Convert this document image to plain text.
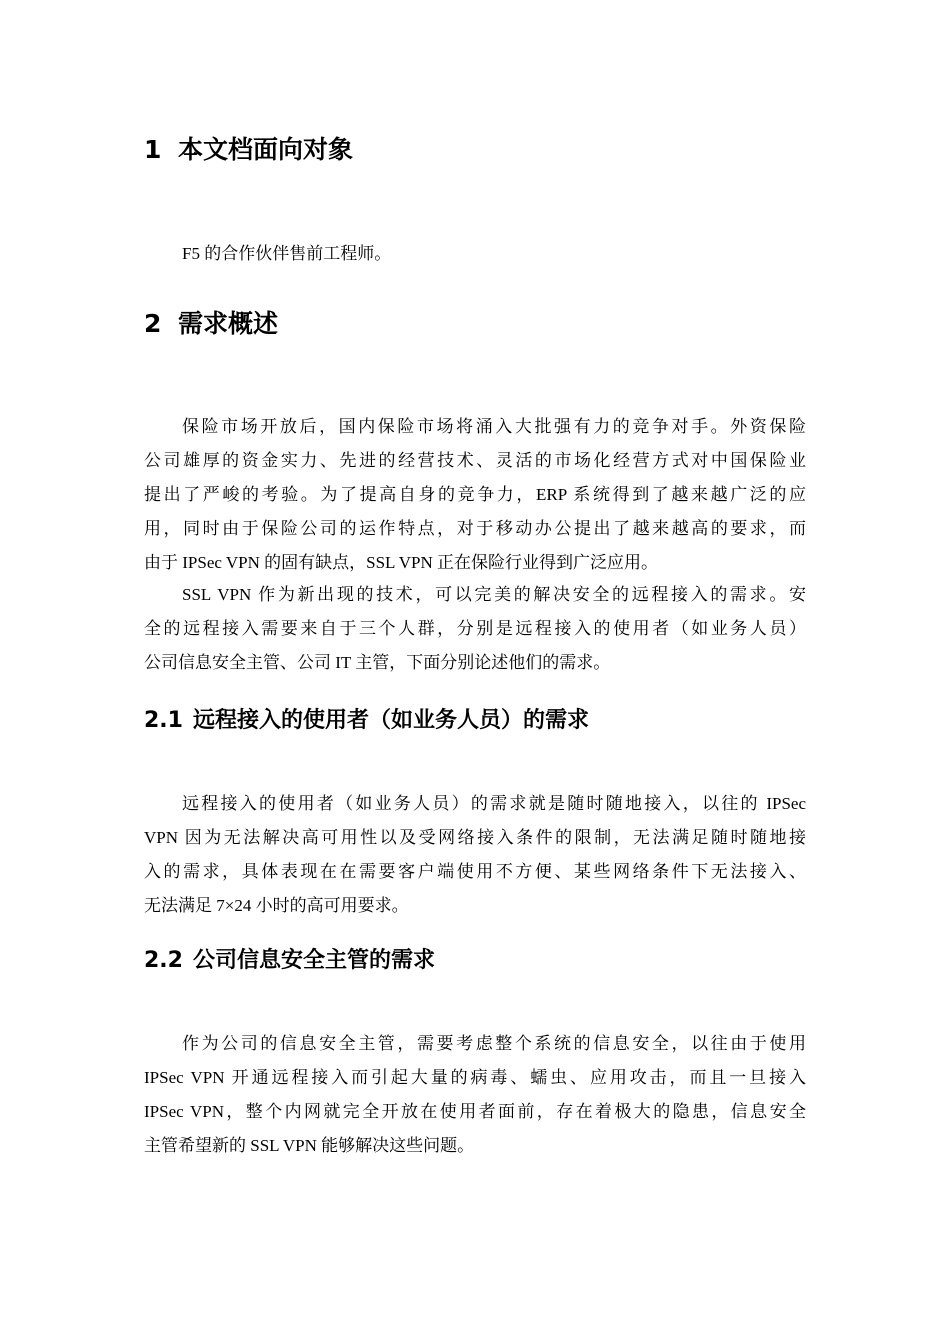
1 本文档面向对象
F5 的合作伙伴售前工程师。
2 需求概述
保险市场开放后，国内保险市场将涌入大批强有力的竞争对手。外资保险
公司雄厚的资金实力、先进的经营技术、灵活的市场化经营方式对中国保险业
提出了严峻的考验。为了提高自身的竞争力，ERP 系统得到了越来越广泛的应
用，同时由于保险公司的运作特点，对于移动办公提出了越来越高的要求，而
由于 IPSec VPN 的固有缺点，SSL VPN 正在保险行业得到广泛应用。
SSL VPN 作为新出现的技术，可以完美的解决安全的远程接入的需求。安
全的远程接入需要来自于三个人群，分别是远程接入的使用者（如业务人员）
公司信息安全主管、公司 IT 主管，下面分别论述他们的需求。
2.1 远程接入的使用者（如业务人员）的需求
远程接入的使用者（如业务人员）的需求就是随时随地接入，以往的 IPSec
VPN 因为无法解决高可用性以及受网络接入条件的限制，无法满足随时随地接
入的需求，具体表现在在需要客户端使用不方便、某些网络条件下无法接入、
无法满足 7×24 小时的高可用要求。
2.2 公司信息安全主管的需求
作为公司的信息安全主管，需要考虑整个系统的信息安全，以往由于使用
IPSec VPN 开通远程接入而引起大量的病毒、蠕虫、应用攻击，而且一旦接入
IPSec VPN，整个内网就完全开放在使用者面前，存在着极大的隐患，信息安全
主管希望新的 SSL VPN 能够解决这些问题。
